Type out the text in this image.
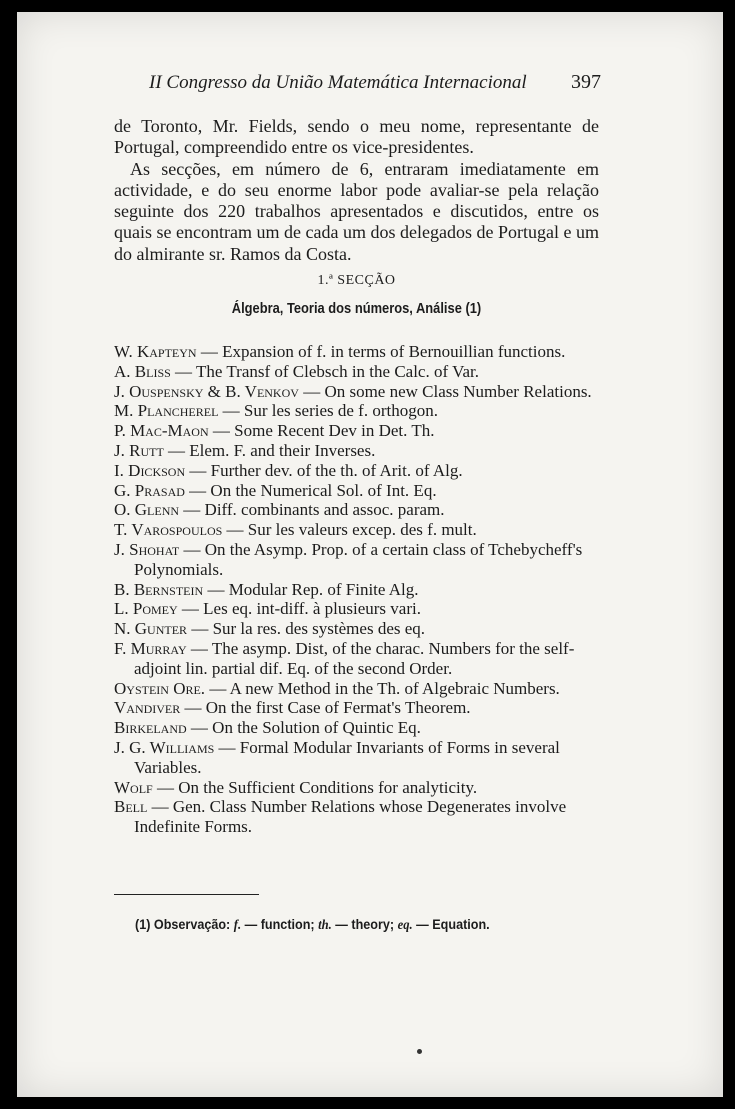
II Congresso da União Matemática Internacional 397

de Toronto, Mr. Fields, sendo o meu nome, representante de Portugal, compreendido entre os vice-presidentes.

As secções, em número de 6, entraram imediatamente em actividade, e do seu enorme labor pode avaliar-se pela relação seguinte dos 220 trabalhos apresentados e discutidos, entre os quais se encontram um de cada um dos delegados de Portugal e um do almirante sr. Ramos da Costa.

1.ª SECÇÃO
Álgebra, Teoria dos números, Análise (1)

W. Kapteyn — Expansion of f. in terms of Bernouillian functions.

A. Bliss — The Transf of Clebsch in the Calc. of Var.

J. Ouspensky & B. Venkov — On some new Class Number Relations.

M. Plancherel — Sur les series de f. orthogon.

P. Mac-Maon — Some Recent Dev in Det. Th.

J. Rutt — Elem. F. and their Inverses.

I. Dickson — Further dev. of the th. of Arit. of Alg.

G. Prasad — On the Numerical Sol. of Int. Eq.

O. Glenn — Diff. combinants and assoc. param.

T. Varospoulos — Sur les valeurs excep. des f. mult.

J. Shohat — On the Asymp. Prop. of a certain class of Tchebycheff's Polynomials.

B. Bernstein — Modular Rep. of Finite Alg.

L. Pomey — Les eq. int-diff. à plusieurs vari.

N. Gunter — Sur la res. des systèmes des eq.

F. Murray — The asymp. Dist, of the charac. Numbers for the self-adjoint lin. partial dif. Eq. of the second Order.

Oystein Ore. — A new Method in the Th. of Algebraic Numbers.

Vandiver — On the first Case of Fermat's Theorem.

Birkeland — On the Solution of Quintic Eq.

J. G. Williams — Formal Modular Invariants of Forms in several Variables.

Wolf — On the Sufficient Conditions for analyticity.

Bell — Gen. Class Number Relations whose Degenerates involve Indefinite Forms.

(1) Observação: f. — function; th. — theory; eq. — Equation.
